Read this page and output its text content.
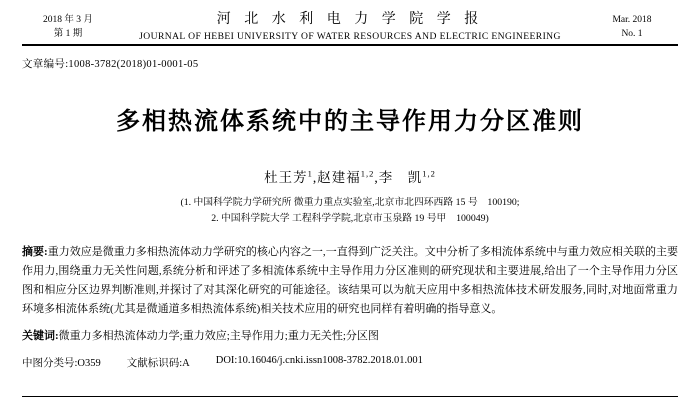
2018 年 3 月
第 1 期
河 北 水 利 电 力 学 院 学 报
JOURNAL OF HEBEI UNIVERSITY OF WATER RESOURCES AND ELECTRIC ENGINEERING
Mar. 2018
No. 1
文章编号:1008-3782(2018)01-0001-05
多相热流体系统中的主导作用力分区准则
杜王芳$^1$,赵建福$^{1,2}$,李　凯$^{1,2}$
(1. 中国科学院力学研究所 微重力重点实验室,北京市北四环西路 15 号　100190;
2. 中国科学院大学 工程科学学院,北京市玉泉路 19 号甲　100049)
摘要:重力效应是微重力多相热流体动力学研究的核心内容之一,一直得到广泛关注。文中分析了多相流体系统中与重力效应相关联的主要作用力,围绕重力无关性问题,系统分析和评述了多相流体系统中主导作用力分区准则的研究现状和主要进展,给出了一个主导作用力分区图和相应分区边界判断准则,并探讨了对其深化研究的可能途径。该结果可以为航天应用中多相热流体技术研发服务,同时,对地面常重力环境多相流体系统(尤其是微通道多相热流体系统)相关技术应用的研究也同样有着明确的指导意义。
关键词:微重力多相热流体动力学;重力效应;主导作用力;重力无关性;分区图
中图分类号:O359 文献标识码:A DOI:10.16046/j.cnki.issn1008-3782.2018.01.001
